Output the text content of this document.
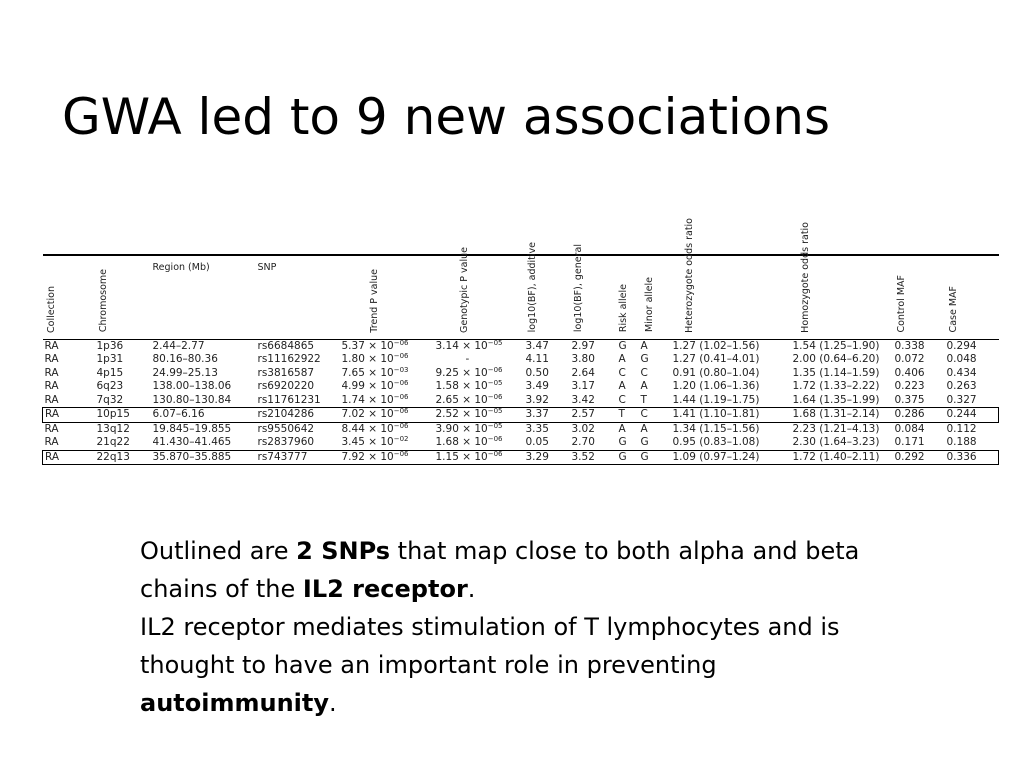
GWA led to 9 new associations
Collection	Chromosome	Region (Mb)	SNP	Trend P value	Genotypic P value	log10(BF), additive	log10(BF), general	Risk allele	Minor allele	Heterozygote odds ratio	Homozygote odds ratio	Control MAF	Case MAF

RA	1p36	2.44–2.77	rs6684865	$5.37 \times 10^{-06}$	$3.14 \times 10^{-05}$	3.47	2.97	G	A	1.27 (1.02–1.56)	1.54 (1.25–1.90)	0.338	0.294
RA	1p31	80.16–80.36	rs11162922	$1.80 \times 10^{-06}$	-	4.11	3.80	A	G	1.27 (0.41–4.01)	2.00 (0.64–6.20)	0.072	0.048
RA	4p15	24.99–25.13	rs3816587	$7.65 \times 10^{-03}$	$9.25 \times 10^{-06}$	0.50	2.64	C	C	0.91 (0.80–1.04)	1.35 (1.14–1.59)	0.406	0.434
RA	6q23	138.00–138.06	rs6920220	$4.99 \times 10^{-06}$	$1.58 \times 10^{-05}$	3.49	3.17	A	A	1.20 (1.06–1.36)	1.72 (1.33–2.22)	0.223	0.263
RA	7q32	130.80–130.84	rs11761231	$1.74 \times 10^{-06}$	$2.65 \times 10^{-06}$	3.92	3.42	C	T	1.44 (1.19–1.75)	1.64 (1.35–1.99)	0.375	0.327
RA	10p15	6.07–6.16	rs2104286	$7.02 \times 10^{-06}$	$2.52 \times 10^{-05}$	3.37	2.57	T	C	1.41 (1.10–1.81)	1.68 (1.31–2.14)	0.286	0.244
RA	13q12	19.845–19.855	rs9550642	$8.44 \times 10^{-06}$	$3.90 \times 10^{-05}$	3.35	3.02	A	A	1.34 (1.15–1.56)	2.23 (1.21–4.13)	0.084	0.112
RA	21q22	41.430–41.465	rs2837960	$3.45 \times 10^{-02}$	$1.68 \times 10^{-06}$	0.05	2.70	G	G	0.95 (0.83–1.08)	2.30 (1.64–3.23)	0.171	0.188
RA	22q13	35.870–35.885	rs743777	$7.92 \times 10^{-06}$	$1.15 \times 10^{-06}$	3.29	3.52	G	G	1.09 (0.97–1.24)	1.72 (1.40–2.11)	0.292	0.336
Outlined are 2 SNPs that map close to both alpha and beta chains of the IL2 receptor.
IL2 receptor mediates stimulation of T lymphocytes and is thought to have an important role in preventing autoimmunity.
